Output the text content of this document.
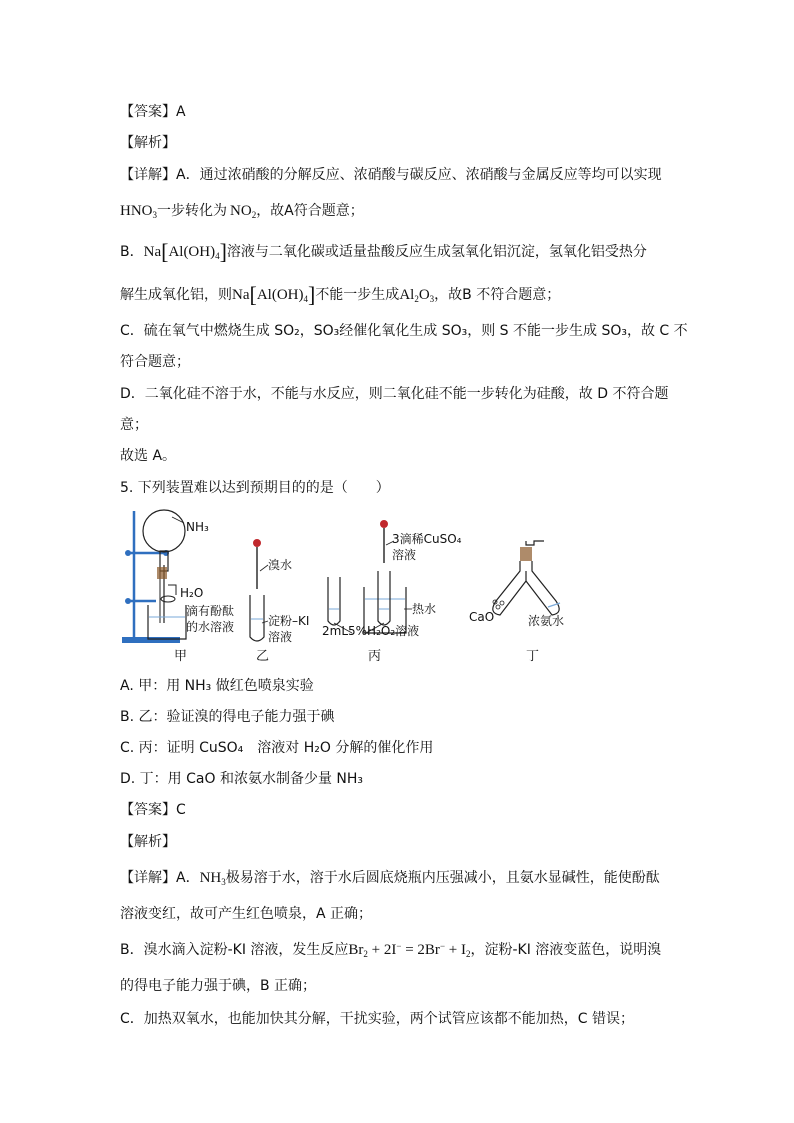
【答案】A
【解析】
【详解】A．通过浓硝酸的分解反应、浓硝酸与碳反应、浓硝酸与金属反应等均可以实现
$HNO_3$一步转化为  $NO_2$，故A符合题意；
B．$Na[Al(OH)_4]$溶液与二氧化碳或适量盐酸反应生成氢氧化铝沉淀，氢氧化铝受热分
解生成氧化铝，则$Na[Al(OH)_4]$不能一步生成$Al_2O_3$，故B 不符合题意；
C．硫在氧气中燃烧生成 SO₂，SO₃经催化氧化生成 SO₃，则 S 不能一步生成 SO₃，故 C 不
符合题意；
D．二氧化硅不溶于水，不能与水反应，则二氧化硅不能一步转化为硅酸，故 D 不符合题
意；
故选 A。
5. 下列装置难以达到预期目的的是（　　）
NH₃
H₂O
滴有酚酞
的水溶液
甲
溴水
淀粉–KI
溶液
乙
3滴稀CuSO₄
溶液
热水
2mL5%H₂O₂溶液
丙
CaO	浓氨水
丁
A. 甲：用 NH₃ 做红色喷泉实验
B. 乙：验证溴的得电子能力强于碘
C. 丙：证明 CuSO₄　溶液对 H₂O 分解的催化作用
D. 丁：用 CaO 和浓氨水制备少量 NH₃
【答案】C
【解析】
【详解】A．$NH_3$极易溶于水，溶于水后圆底烧瓶内压强减小，且氨水显碱性，能使酚酞
溶液变红，故可产生红色喷泉，A 正确；
B．溴水滴入淀粉-KI 溶液，发生反应$Br_2 + 2I^- = 2Br^- + I_2$，淀粉-KI 溶液变蓝色，说明溴
的得电子能力强于碘，B 正确；
C．加热双氧水，也能加快其分解，干扰实验，两个试管应该都不能加热，C 错误；
